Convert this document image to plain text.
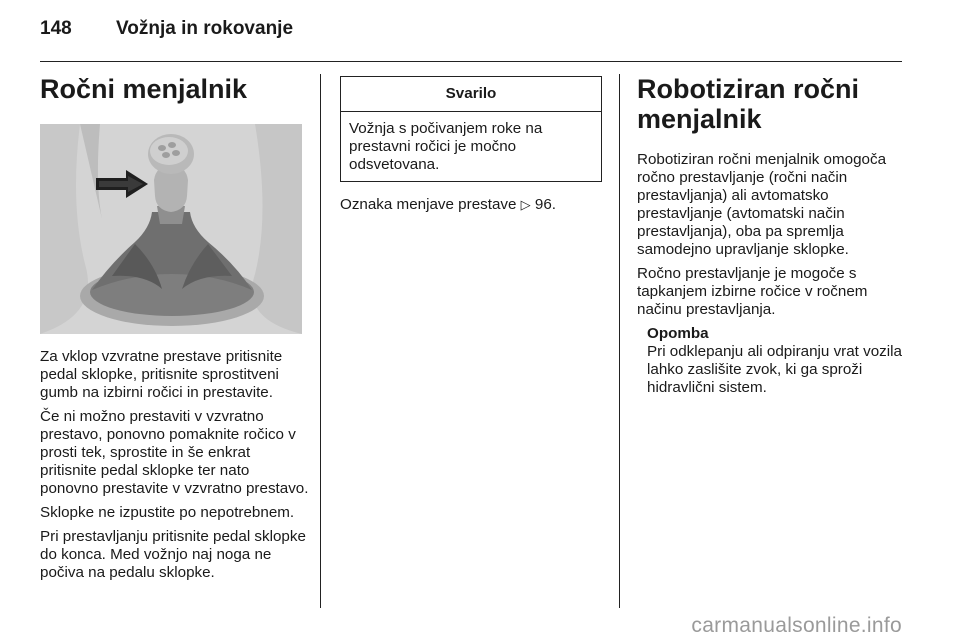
148 Vožnja in rokovanje
Ročni menjalnik

Za vklop vzvratne prestave pritisnite pedal sklopke, pritisnite sprostitveni gumb na izbirni ročici in prestavite.

Če ni možno prestaviti v vzvratno prestavo, ponovno pomaknite ročico v prosti tek, sprostite in še enkrat pritisnite pedal sklopke ter nato ponovno prestavite v vzvratno prestavo.

Sklopke ne izpustite po nepotrebnem.

Pri prestavljanju pritisnite pedal sklopke do konca. Med vožnjo naj noga ne počiva na pedalu sklopke.

Svarilo
Vožnja s počivanjem roke na prestavni ročici je močno odsvetovana.

Oznaka menjave prestave ▷ 96.

Robotiziran ročni menjalnik

Robotiziran ročni menjalnik omogoča ročno prestavljanje (ročni način prestavljanja) ali avtomatsko prestavljanje (avtomatski način prestavljanja), oba pa spremlja samodejno upravljanje sklopke.

Ročno prestavljanje je mogoče s tapkanjem izbirne ročice v ročnem načinu prestavljanja.

Opomba
Pri odklepanju ali odpiranju vrat vozila lahko zaslišite zvok, ki ga sproži hidravlični sistem.
carmanualsonline.info
